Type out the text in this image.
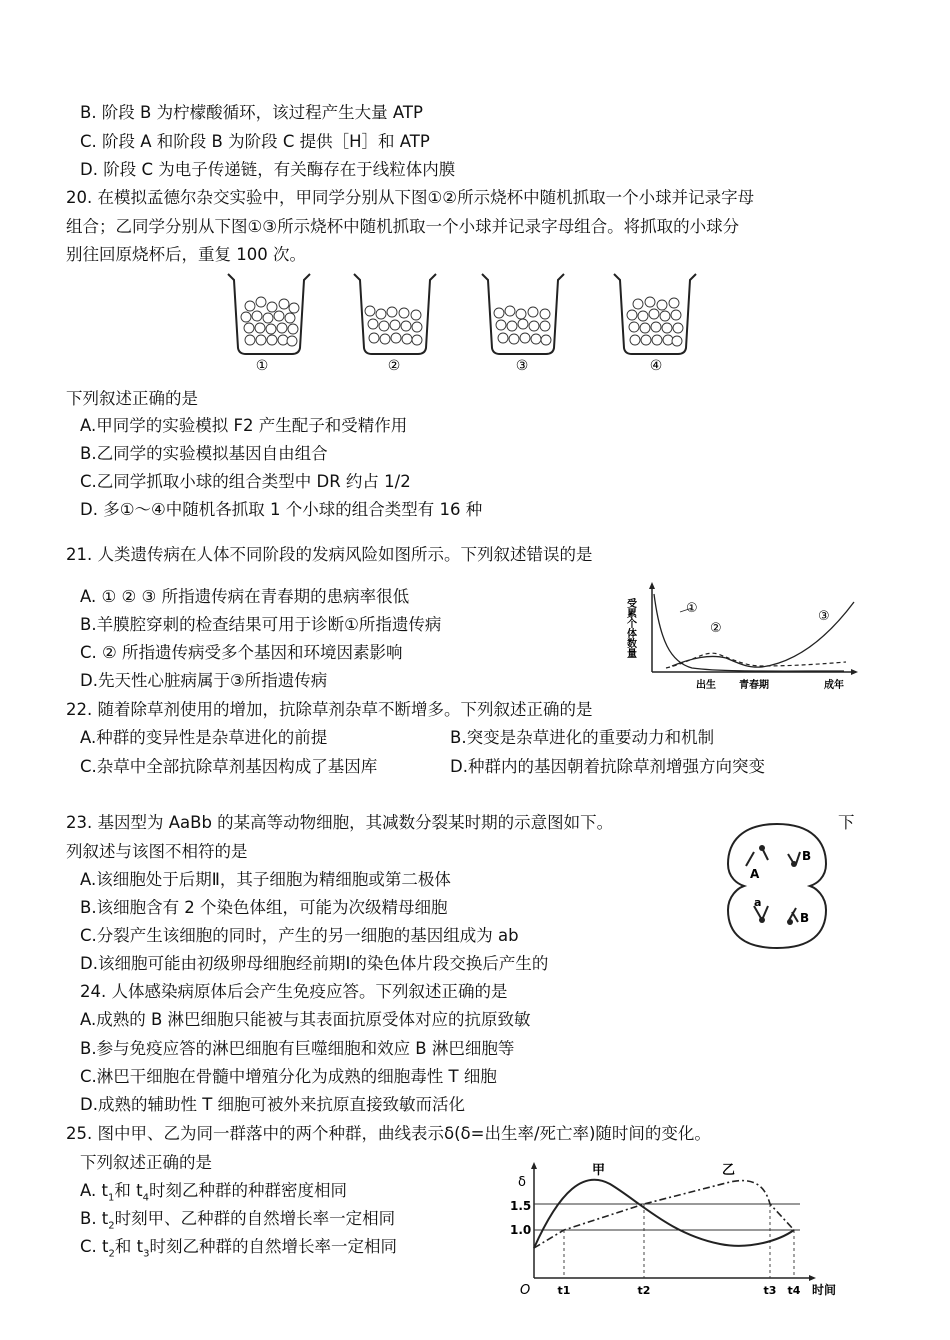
B. 阶段 B 为柠檬酸循环，该过程产生大量 ATP
C. 阶段 A 和阶段 B 为阶段 C 提供［H］和 ATP
D. 阶段 C 为电子传递链，有关酶存在于线粒体内膜
20. 在模拟孟德尔杂交实验中，甲同学分别从下图①②所示烧杯中随机抓取一个小球并记录字母
组合；乙同学分别从下图①③所示烧杯中随机抓取一个小球并记录字母组合。将抓取的小球分
别往回原烧杯后，重复 100 次。
①	②	③	④
下列叙述正确的是
A.甲同学的实验模拟 F2 产生配子和受精作用
B.乙同学的实验模拟基因自由组合
C.乙同学抓取小球的组合类型中 DR 约占 1/2
D. 多①～④中随机各抓取 1 个小球的组合类型有 16 种
21. 人类遗传病在人体不同阶段的发病风险如图所示。下列叙述错误的是
A. ① ② ③ 所指遗传病在青春期的患病率很低
B.羊膜腔穿刺的检查结果可用于诊断①所指遗传病
C. ② 所指遗传病受多个基因和环境因素影响
D.先天性心脏病属于③所指遗传病
受累个体数量	①
②
③
出生 青春期	成年
22. 随着除草剂使用的增加，抗除草剂杂草不断增多。下列叙述正确的是
A.种群的变异性是杂草进化的前提	B.突变是杂草进化的重要动力和机制
C.杂草中全部抗除草剂基因构成了基因库	D.种群内的基因朝着抗除草剂增强方向突变
23. 基因型为 AaBb 的某高等动物细胞，其减数分裂某时期的示意图如下。	下
列叙述与该图不相符的是
A.该细胞处于后期Ⅱ，其子细胞为精细胞或第二极体
B.该细胞含有 2 个染色体组，可能为次级精母细胞
C.分裂产生该细胞的同时，产生的另一细胞的基因组成为 ab
D.该细胞可能由初级卵母细胞经前期Ⅰ的染色体片段交换后产生的
A
B
a
B
24. 人体感染病原体后会产生免疫应答。下列叙述正确的是
A.成熟的 B 淋巴细胞只能被与其表面抗原受体对应的抗原致敏
B.参与免疫应答的淋巴细胞有巨噬细胞和效应 B 淋巴细胞等
C.淋巴干细胞在骨髓中增殖分化为成熟的细胞毒性 T 细胞
D.成熟的辅助性 T 细胞可被外来抗原直接致敏而活化
25. 图中甲、乙为同一群落中的两个种群，曲线表示δ(δ=出生率/死亡率)随时间的变化。
下列叙述正确的是
A. $t_1$和 $t_4$时刻乙种群的种群密度相同
B. $t_2$时刻甲、乙种群的自然增长率一定相同
C. $t_2$和 $t_3$时刻乙种群的自然增长率一定相同
δ
1.5
1.0
甲	乙
O t1	t2	t3 t4 时间
